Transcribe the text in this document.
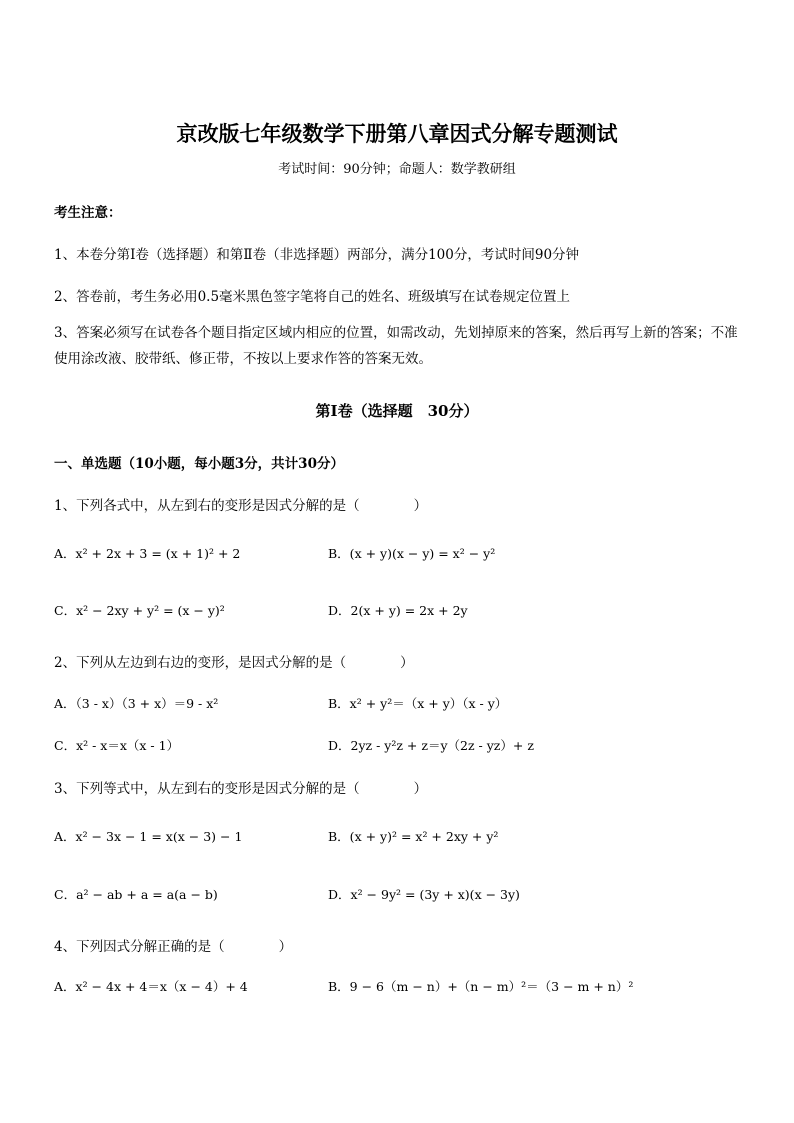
京改版七年级数学下册第八章因式分解专题测试
考试时间：90分钟；命题人：数学教研组
考生注意：
1、本卷分第Ⅰ卷（选择题）和第Ⅱ卷（非选择题）两部分，满分100分，考试时间90分钟
2、答卷前，考生务必用0.5毫米黑色签字笔将自己的姓名、班级填写在试卷规定位置上
3、答案必须写在试卷各个题目指定区域内相应的位置，如需改动，先划掉原来的答案，然后再写上新的答案；不准使用涂改液、胶带纸、修正带，不按以上要求作答的答案无效。
第Ⅰ卷（选择题　30分）
一、单选题（10小题，每小题3分，共计30分）
1、下列各式中，从左到右的变形是因式分解的是（　　　　）
A．x² + 2x + 3 = (x + 1)² + 2	B．(x + y)(x − y) = x² − y²
C．x² − 2xy + y² = (x − y)²	D．2(x + y) = 2x + 2y
2、下列从左边到右边的变形，是因式分解的是（　　　　）
A．（3 - x）（3 + x）＝9 - x²	B．x² + y²＝（x + y）（x - y）
C．x² - x＝x（x - 1）	D．2yz - y²z + z＝y（2z - yz）+ z
3、下列等式中，从左到右的变形是因式分解的是（　　　　）
A．x² − 3x − 1 = x(x − 3) − 1	B．(x + y)² = x² + 2xy + y²
C．a² − ab + a = a(a − b)	D．x² − 9y² = (3y + x)(x − 3y)
4、下列因式分解正确的是（　　　　）
A．x² − 4x + 4＝x（x − 4）+ 4	B．9 − 6（m − n）+（n − m）²＝（3 − m + n）²
